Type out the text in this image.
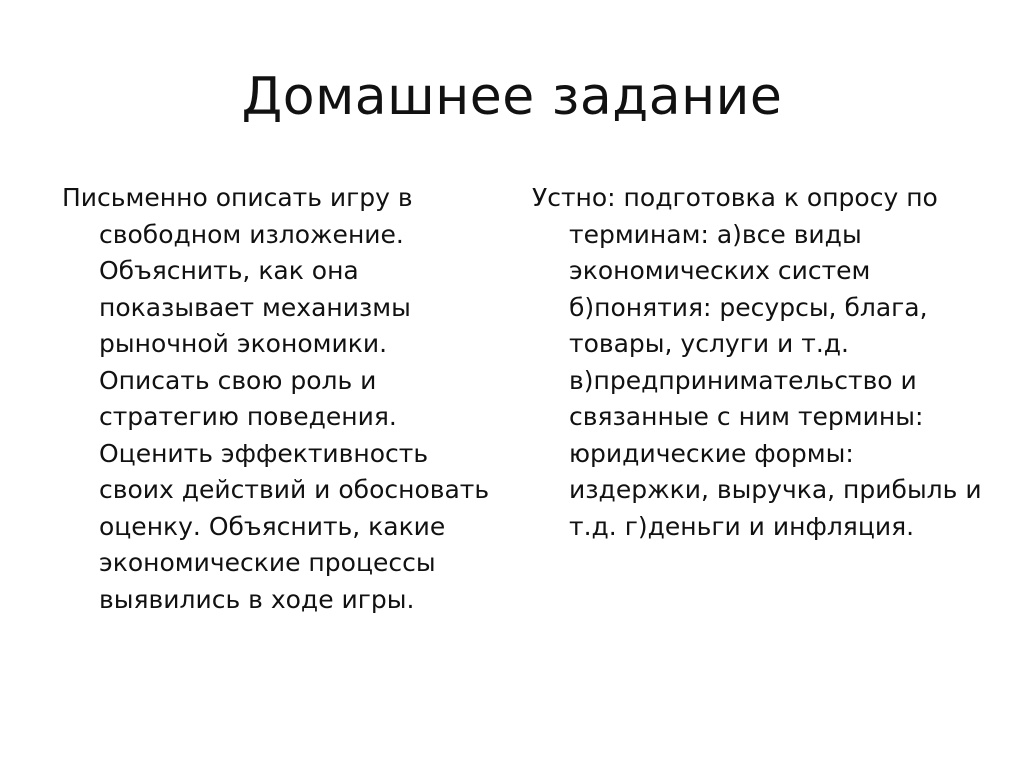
Домашнее задание

Письменно описать игру в свободном изложение. Объяснить, как она показывает механизмы рыночной экономики. Описать свою роль и стратегию поведения. Оценить эффективность своих действий и обосновать оценку. Объяснить, какие экономические процессы выявились в ходе игры.

Устно: подготовка к опросу по терминам: а)все виды экономических систем б)понятия: ресурсы, блага, товары, услуги и т.д. в)предпринимательство и связанные с ним термины: юридические формы: издержки, выручка, прибыль и т.д. г)деньги и инфляция.
